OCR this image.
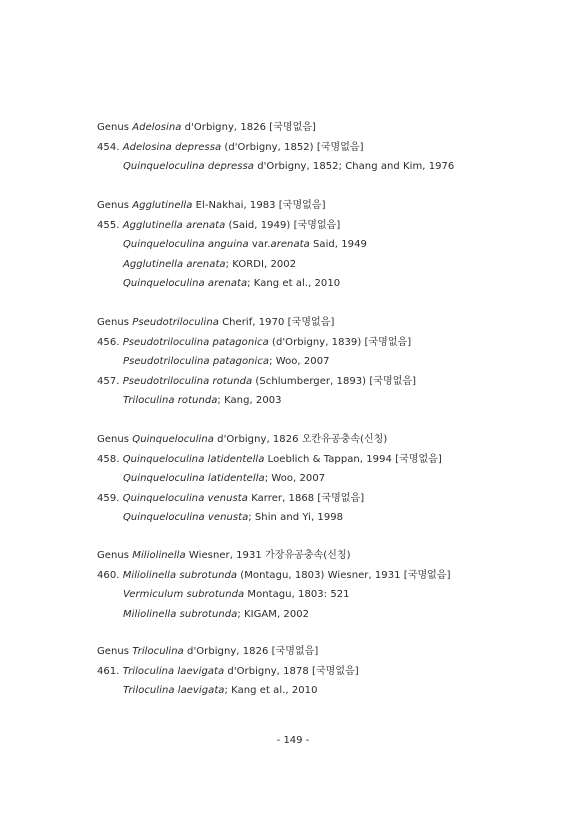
Genus Adelosina d'Orbigny, 1826 [국명없음]
454. Adelosina depressa (d'Orbigny, 1852) [국명없음]
Quinqueloculina depressa d'Orbigny, 1852; Chang and Kim, 1976
Genus Agglutinella El-Nakhai, 1983 [국명없음]
455. Agglutinella arenata (Said, 1949) [국명없음]
Quinqueloculina anguina var.arenata Said, 1949
Agglutinella arenata; KORDI, 2002
Quinqueloculina arenata; Kang et al., 2010
Genus Pseudotriloculina Cherif, 1970 [국명없음]
456. Pseudotriloculina patagonica (d'Orbigny, 1839) [국명없음]
Pseudotriloculina patagonica; Woo, 2007
457. Pseudotriloculina rotunda (Schlumberger, 1893) [국명없음]
Triloculina rotunda; Kang, 2003
Genus Quinqueloculina d'Orbigny, 1826 오칸유공충속(신칭)
458. Quinqueloculina latidentella Loeblich & Tappan, 1994 [국명없음]
Quinqueloculina latidentella; Woo, 2007
459. Quinqueloculina venusta Karrer, 1868 [국명없음]
Quinqueloculina venusta; Shin and Yi, 1998
Genus Miliolinella Wiesner, 1931 가장유공충속(신칭)
460. Miliolinella subrotunda (Montagu, 1803) Wiesner, 1931 [국명없음]
Vermiculum subrotunda Montagu, 1803: 521
Miliolinella subrotunda; KIGAM, 2002
Genus Triloculina d'Orbigny, 1826 [국명없음]
461. Triloculina laevigata d'Orbigny, 1878 [국명없음]
Triloculina laevigata; Kang et al., 2010
- 149 -
